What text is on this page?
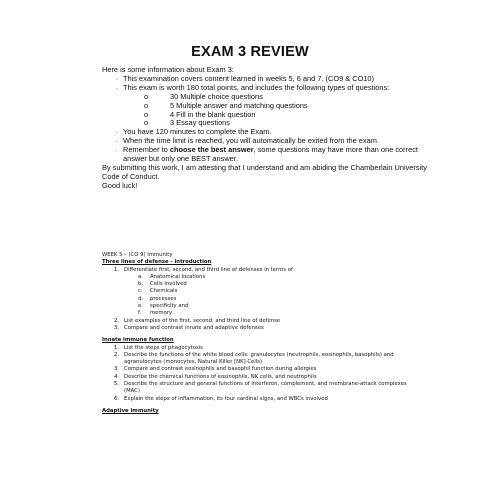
EXAM 3 REVIEW

Here is some information about Exam 3:

. This examination covers content learned in weeks 5, 6 and 7. (CO9 & CO10)
. This exam is worth 180 total points, and includes the following types of questions:
o	30 Multiple choice questions
o	5 Multiple answer and matching questions
o	4 Fill in the blank question
o	3 Essay questions
. You have 120 minutes to complete the Exam.
. When the time limit is reached, you will automatically be exited from the exam.
. Remember to choose the best answer, some questions may have more than one correct answer but only one BEST answer.

By submitting this work, I am attesting that I understand and am abiding the Chamberlain University Code of Conduct.

Good luck!

WEEK 5 – (CO 9) Immunity

Three lines of defense - introduction

1. Differentiate first, second, and third line of defenses in terms of
a.	Anatomical locations
b.	Cells involved
c.	Chemicals
d.	processes
e.	specificity and
f.	memory
2. List examples of the first, second, and third line of defense
3. Compare and contrast innate and adaptive defenses

Innate immune function

1. List the steps of phagocytosis
2. Describe the functions of the white blood cells: granulocytes (neutrophils, eosinophils, basophils) and agranulocytes (monocytes, Natural Killer [NK] Cells)
3. Compare and contrast eosinophils and basophil function during allergies
4. Describe the chemical functions of eosinophils, NK cells, and neutrophils
5. Describe the structure and general functions of interferon, complement, and membrane-attack complexes (MAC)
6. Explain the steps of inflammation, its four cardinal signs, and WBCs involved

Adaptive immunity
